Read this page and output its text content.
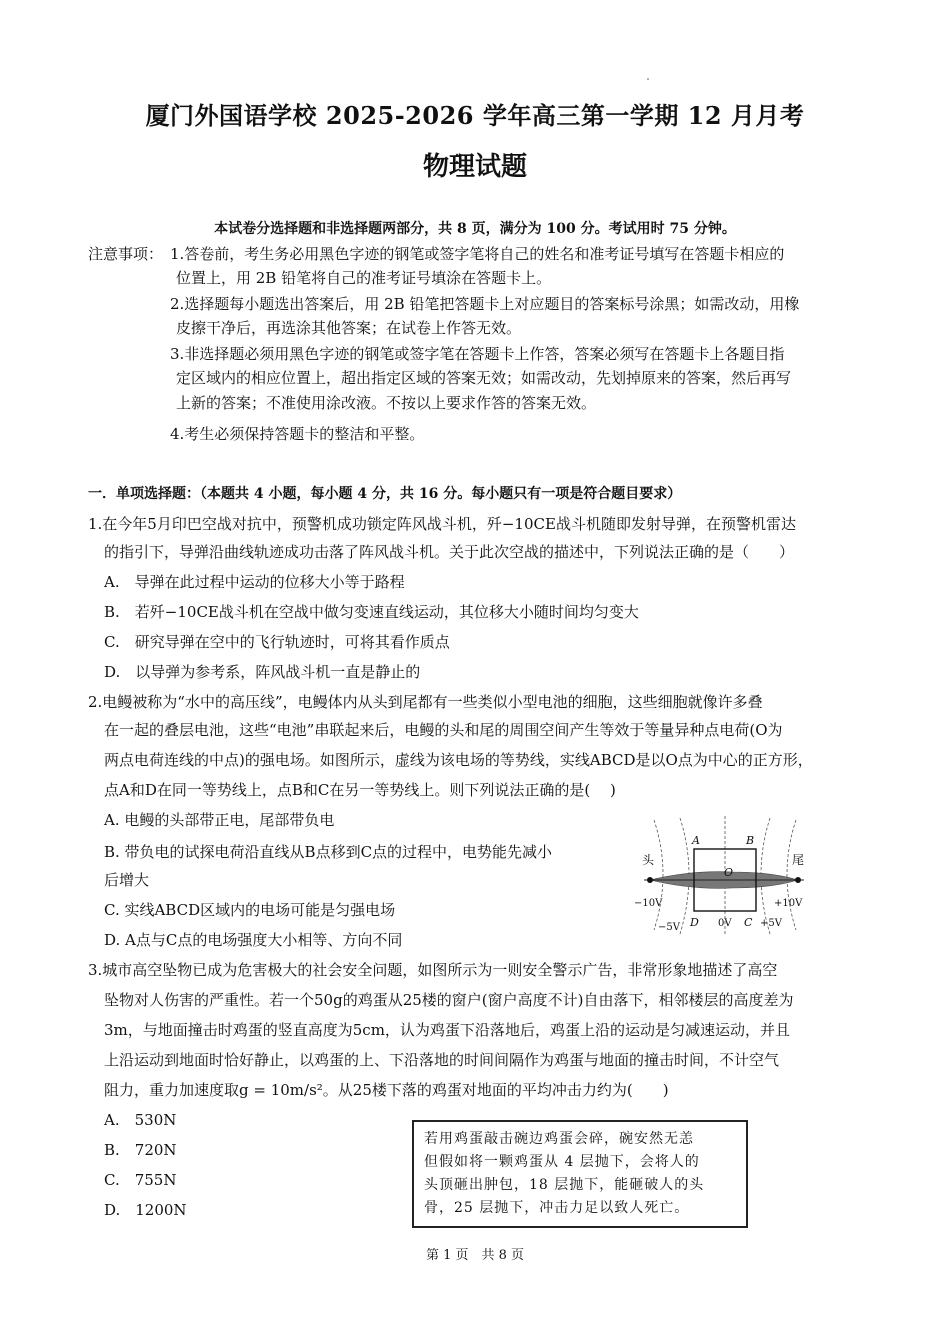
厦门外国语学校 2025-2026 学年高三第一学期 12 月月考
物理试题
本试卷分选择题和非选择题两部分，共 8 页，满分为 100 分。考试用时 75 分钟。
注意事项： 1.答卷前，考生务必用黑色字迹的钢笔或签字笔将自己的姓名和准考证号填写在答题卡相应的
位置上，用 2B 铅笔将自己的准考证号填涂在答题卡上。
2.选择题每小题选出答案后，用 2B 铅笔把答题卡上对应题目的答案标号涂黑；如需改动，用橡
皮擦干净后，再选涂其他答案；在试卷上作答无效。
3.非选择题必须用黑色字迹的钢笔或签字笔在答题卡上作答，答案必须写在答题卡上各题目指
定区域内的相应位置上，超出指定区域的答案无效；如需改动，先划掉原来的答案，然后再写
上新的答案；不准使用涂改液。不按以上要求作答的答案无效。
4.考生必须保持答题卡的整洁和平整。
一．单项选择题：（本题共 4 小题，每小题 4 分，共 16 分。每小题只有一项是符合题目要求）
1.在今年5月印巴空战对抗中，预警机成功锁定阵风战斗机，歼−10CE战斗机随即发射导弹，在预警机雷达
的指引下，导弹沿曲线轨迹成功击落了阵风战斗机。关于此次空战的描述中，下列说法正确的是（　　）
A.　导弹在此过程中运动的位移大小等于路程
B.　若歼−10CE战斗机在空战中做匀变速直线运动，其位移大小随时间均匀变大
C.　研究导弹在空中的飞行轨迹时，可将其看作质点
D.　以导弹为参考系，阵风战斗机一直是静止的
2.电鳗被称为“水中的高压线”，电鳗体内从头到尾都有一些类似小型电池的细胞，这些细胞就像许多叠
在一起的叠层电池，这些“电池”串联起来后，电鳗的头和尾的周围空间产生等效于等量异种点电荷(O为
两点电荷连线的中点)的强电场。如图所示，虚线为该电场的等势线，实线ABCD是以O点为中心的正方形，
点A和D在同一等势线上，点B和C在另一等势线上。则下列说法正确的是(　 )
A. 电鳗的头部带正电，尾部带负电
B. 带负电的试探电荷沿直线从B点移到C点的过程中，电势能先减小
后增大
C. 实线ABCD区域内的电场可能是匀强电场
D. A点与C点的电场强度大小相等、方向不同
A	B
O
D	C
头	尾
−10V
−5V	0V	+5V
+10V
3.城市高空坠物已成为危害极大的社会安全问题，如图所示为一则安全警示广告，非常形象地描述了高空
坠物对人伤害的严重性。若一个50g的鸡蛋从25楼的窗户(窗户高度不计)自由落下，相邻楼层的高度差为
3m，与地面撞击时鸡蛋的竖直高度为5cm，认为鸡蛋下沿落地后，鸡蛋上沿的运动是匀减速运动，并且
上沿运动到地面时恰好静止，以鸡蛋的上、下沿落地的时间间隔作为鸡蛋与地面的撞击时间，不计空气
阻力，重力加速度取g = 10m/s²。从25楼下落的鸡蛋对地面的平均冲击力约为(　　)
A.　530N
B.　720N
C.　755N
D.　1200N
若用鸡蛋敲击碗边鸡蛋会碎，碗安然无恙
但假如将一颗鸡蛋从 4 层抛下，会将人的
头顶砸出肿包，18 层抛下，能砸破人的头
骨，25 层抛下，冲击力足以致人死亡。
第 1 页　共 8 页
